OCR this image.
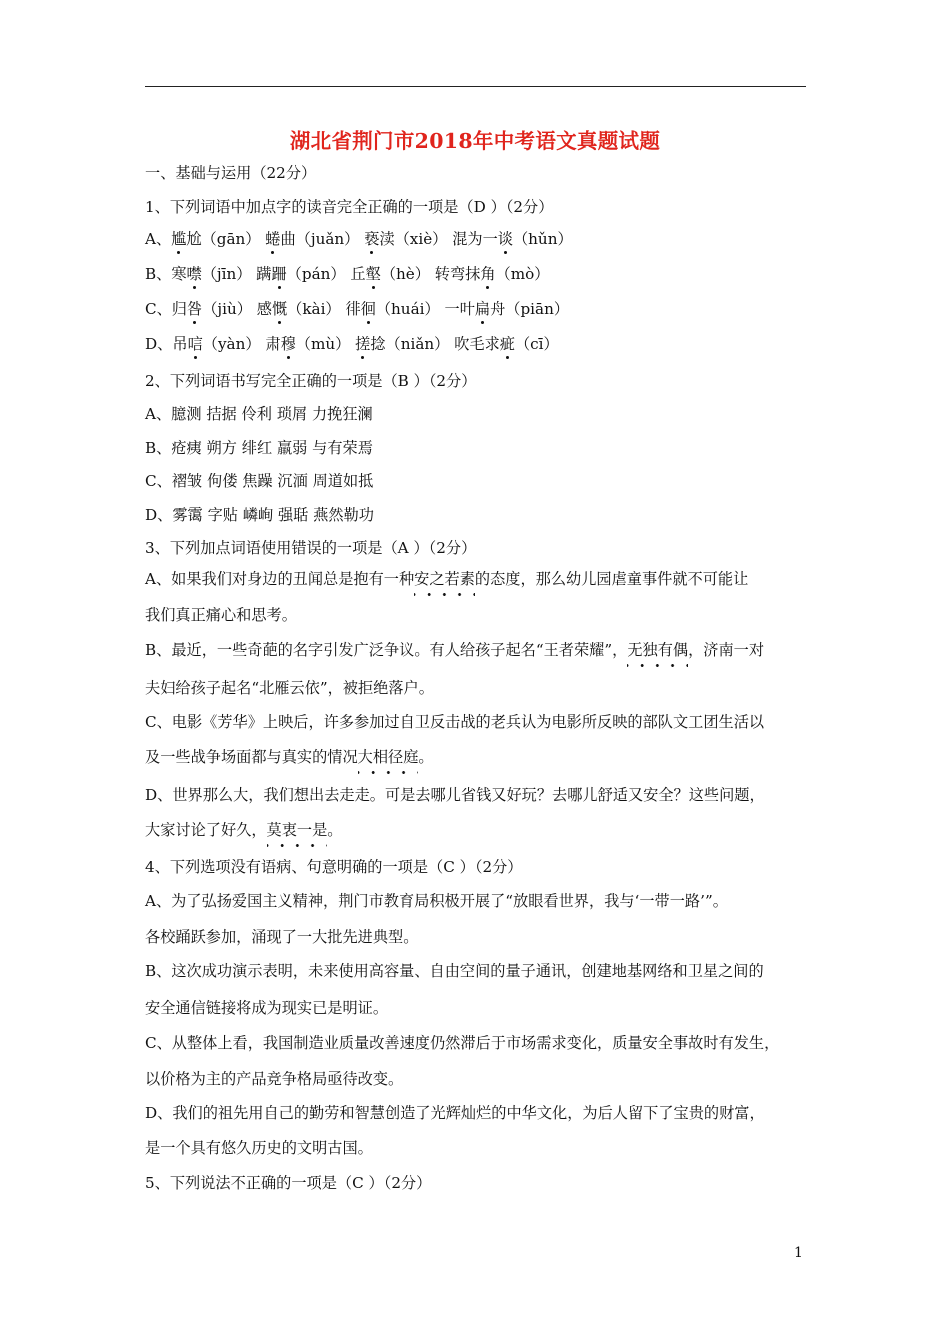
湖北省荆门市2018年中考语文真题试题
一、基础与运用（22分）
1、下列词语中加点字的读音完全正确的一项是（D ）（2分）
A、尴尬（gān） 蜷曲（juǎn） 亵渎（xiè） 混为一谈（hǔn）
B、寒噤（jīn） 蹒跚（pán） 丘壑（hè） 转弯抹角（mò）
C、归咎（jiù） 感慨（kài） 徘徊（huái） 一叶扁舟（piān）
D、吊唁（yàn） 肃穆（mù） 搓捻（niǎn） 吹毛求疵（cī）
2、下列词语书写完全正确的一项是（B ）（2分）
A、臆测 拮据 伶利 琐屑 力挽狂澜
B、疮痍 朔方 绯红 羸弱 与有荣焉
C、褶皱 佝偻 焦躁 沉湎 周道如抵
D、雾霭 字贴 嶙峋 强聒 燕然勒功
3、下列加点词语使用错误的一项是（A ）（2分）
A、如果我们对身边的丑闻总是抱有一种安之若素的态度，那么幼儿园虐童事件就不可能让
我们真正痛心和思考。
B、最近，一些奇葩的名字引发广泛争议。有人给孩子起名“王者荣耀”，无独有偶，济南一对
夫妇给孩子起名“北雁云依”，被拒绝落户。
C、电影《芳华》上映后，许多参加过自卫反击战的老兵认为电影所反映的部队文工团生活以
及一些战争场面都与真实的情况大相径庭。
D、世界那么大，我们想出去走走。可是去哪儿省钱又好玩？去哪儿舒适又安全？这些问题，
大家讨论了好久，莫衷一是。
4、下列选项没有语病、句意明确的一项是（C ）（2分）
A、为了弘扬爱国主义精神，荆门市教育局积极开展了“放眼看世界，我与‘一带一路’”。
各校踊跃参加，涌现了一大批先进典型。
B、这次成功演示表明，未来使用高容量、自由空间的量子通讯，创建地基网络和卫星之间的
安全通信链接将成为现实已是明证。
C、从整体上看，我国制造业质量改善速度仍然滞后于市场需求变化，质量安全事故时有发生，
以价格为主的产品竞争格局亟待改变。
D、我们的祖先用自己的勤劳和智慧创造了光辉灿烂的中华文化，为后人留下了宝贵的财富，
是一个具有悠久历史的文明古国。
5、下列说法不正确的一项是（C ）（2分）
1
